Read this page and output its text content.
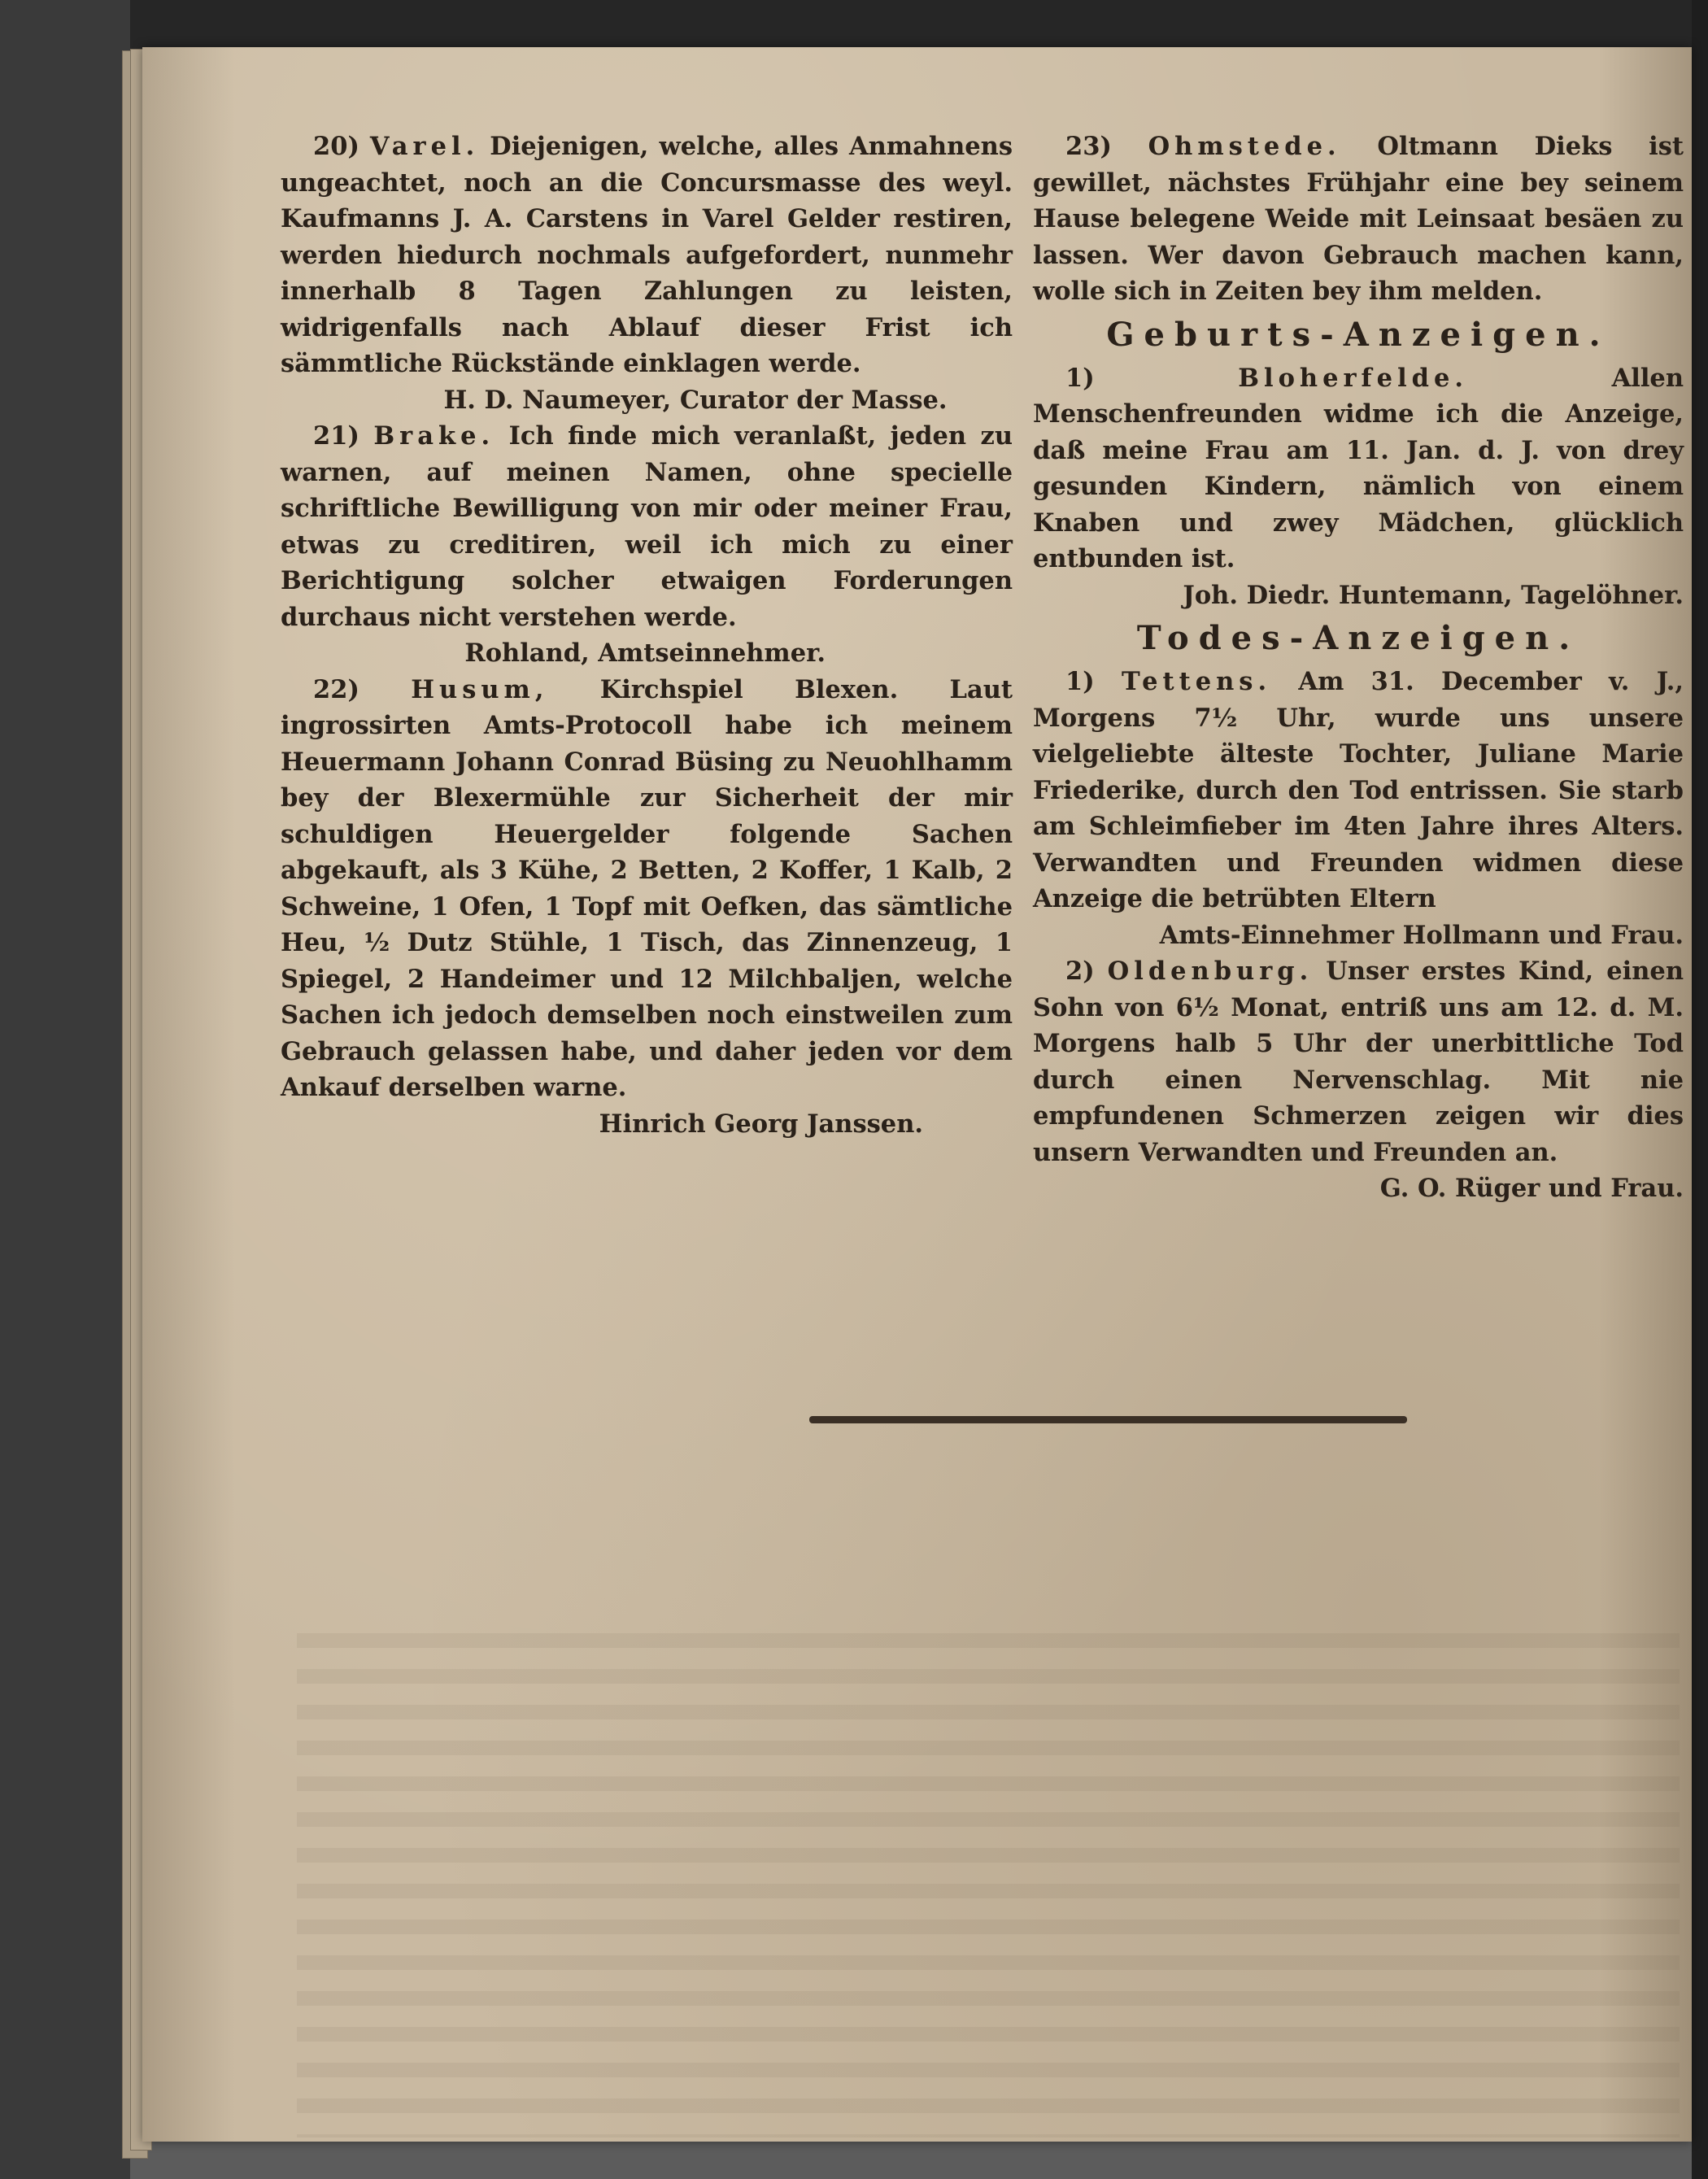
20) Varel. Diejenigen, welche, alles Anmahnens ungeachtet, noch an die Concursmasse des weyl. Kaufmanns J. A. Carstens in Varel Gelder restiren, werden hiedurch nochmals aufgefordert, nunmehr innerhalb 8 Tagen Zahlungen zu leisten, widrigenfalls nach Ablauf dieser Frist ich sämmtliche Rückstände einklagen werde.

H. D. Naumeyer, Curator der Masse.

21) Brake. Ich finde mich veranlaßt, jeden zu warnen, auf meinen Namen, ohne specielle schriftliche Bewilligung von mir oder meiner Frau, etwas zu creditiren, weil ich mich zu einer Berichtigung solcher etwaigen Forderungen durchaus nicht verstehen werde.

Rohland, Amtseinnehmer.

22) Husum, Kirchspiel Blexen. Laut ingrossirten Amts-Protocoll habe ich meinem Heuermann Johann Conrad Büsing zu Neuohlhamm bey der Blexermühle zur Sicherheit der mir schuldigen Heuergelder folgende Sachen abgekauft, als 3 Kühe, 2 Betten, 2 Koffer, 1 Kalb, 2 Schweine, 1 Ofen, 1 Topf mit Oefken, das sämtliche Heu, ½ Dutz Stühle, 1 Tisch, das Zinnenzeug, 1 Spiegel, 2 Handeimer und 12 Milchbaljen, welche Sachen ich jedoch demselben noch einstweilen zum Gebrauch gelassen habe, und daher jeden vor dem Ankauf derselben warne.

Hinrich Georg Janssen.

23) Ohmstede. Oltmann Dieks ist gewillet, nächstes Frühjahr eine bey seinem Hause belegene Weide mit Leinsaat besäen zu lassen. Wer davon Gebrauch machen kann, wolle sich in Zeiten bey ihm melden.

Geburts-Anzeigen.

1)	Bloherfelde.	Allen Menschenfreunden widme ich die Anzeige, daß meine Frau am 11. Jan. d. J. von drey gesunden Kindern, nämlich von einem Knaben und zwey Mädchen, glücklich entbunden ist.

Joh. Diedr. Huntemann, Tagelöhner.

Todes-Anzeigen.

1) Tettens. Am 31. December v. J., Morgens 7½ Uhr, wurde uns unsere vielgeliebte älteste Tochter, Juliane Marie Friederike, durch den Tod entrissen. Sie starb am Schleimfieber im 4ten Jahre ihres Alters. Verwandten und Freunden widmen diese Anzeige die betrübten Eltern

Amts-Einnehmer Hollmann und Frau.

2) Oldenburg. Unser erstes Kind, einen Sohn von 6½ Monat, entriß uns am 12. d. M. Morgens halb 5 Uhr der unerbittliche Tod durch einen Nervenschlag. Mit nie empfundenen Schmerzen zeigen wir dies unsern Verwandten und Freunden an.

G. O. Rüger und Frau.
